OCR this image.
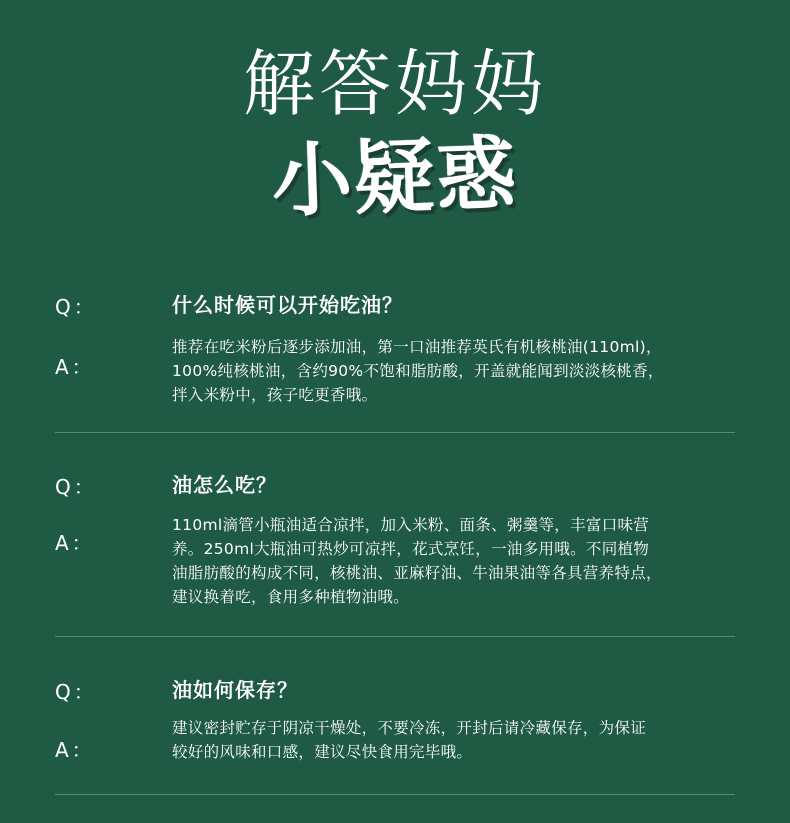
解答妈妈
小疑惑
Q：	什么时候可以开始吃油？
A：
推荐在吃米粉后逐步添加油，第一口油推荐英氏有机核桃油(110ml)，
100%纯核桃油，含约90%不饱和脂肪酸，开盖就能闻到淡淡核桃香，
拌入米粉中，孩子吃更香哦。
Q：	油怎么吃？
A：
110ml滴管小瓶油适合凉拌，加入米粉、面条、粥羹等，丰富口味营
养。250ml大瓶油可热炒可凉拌，花式烹饪，一油多用哦。不同植物
油脂肪酸的构成不同，核桃油、亚麻籽油、牛油果油等各具营养特点，
建议换着吃，食用多种植物油哦。
Q：	油如何保存？
A：
建议密封贮存于阴凉干燥处，不要冷冻，开封后请冷藏保存，为保证
较好的风味和口感，建议尽快食用完毕哦。
